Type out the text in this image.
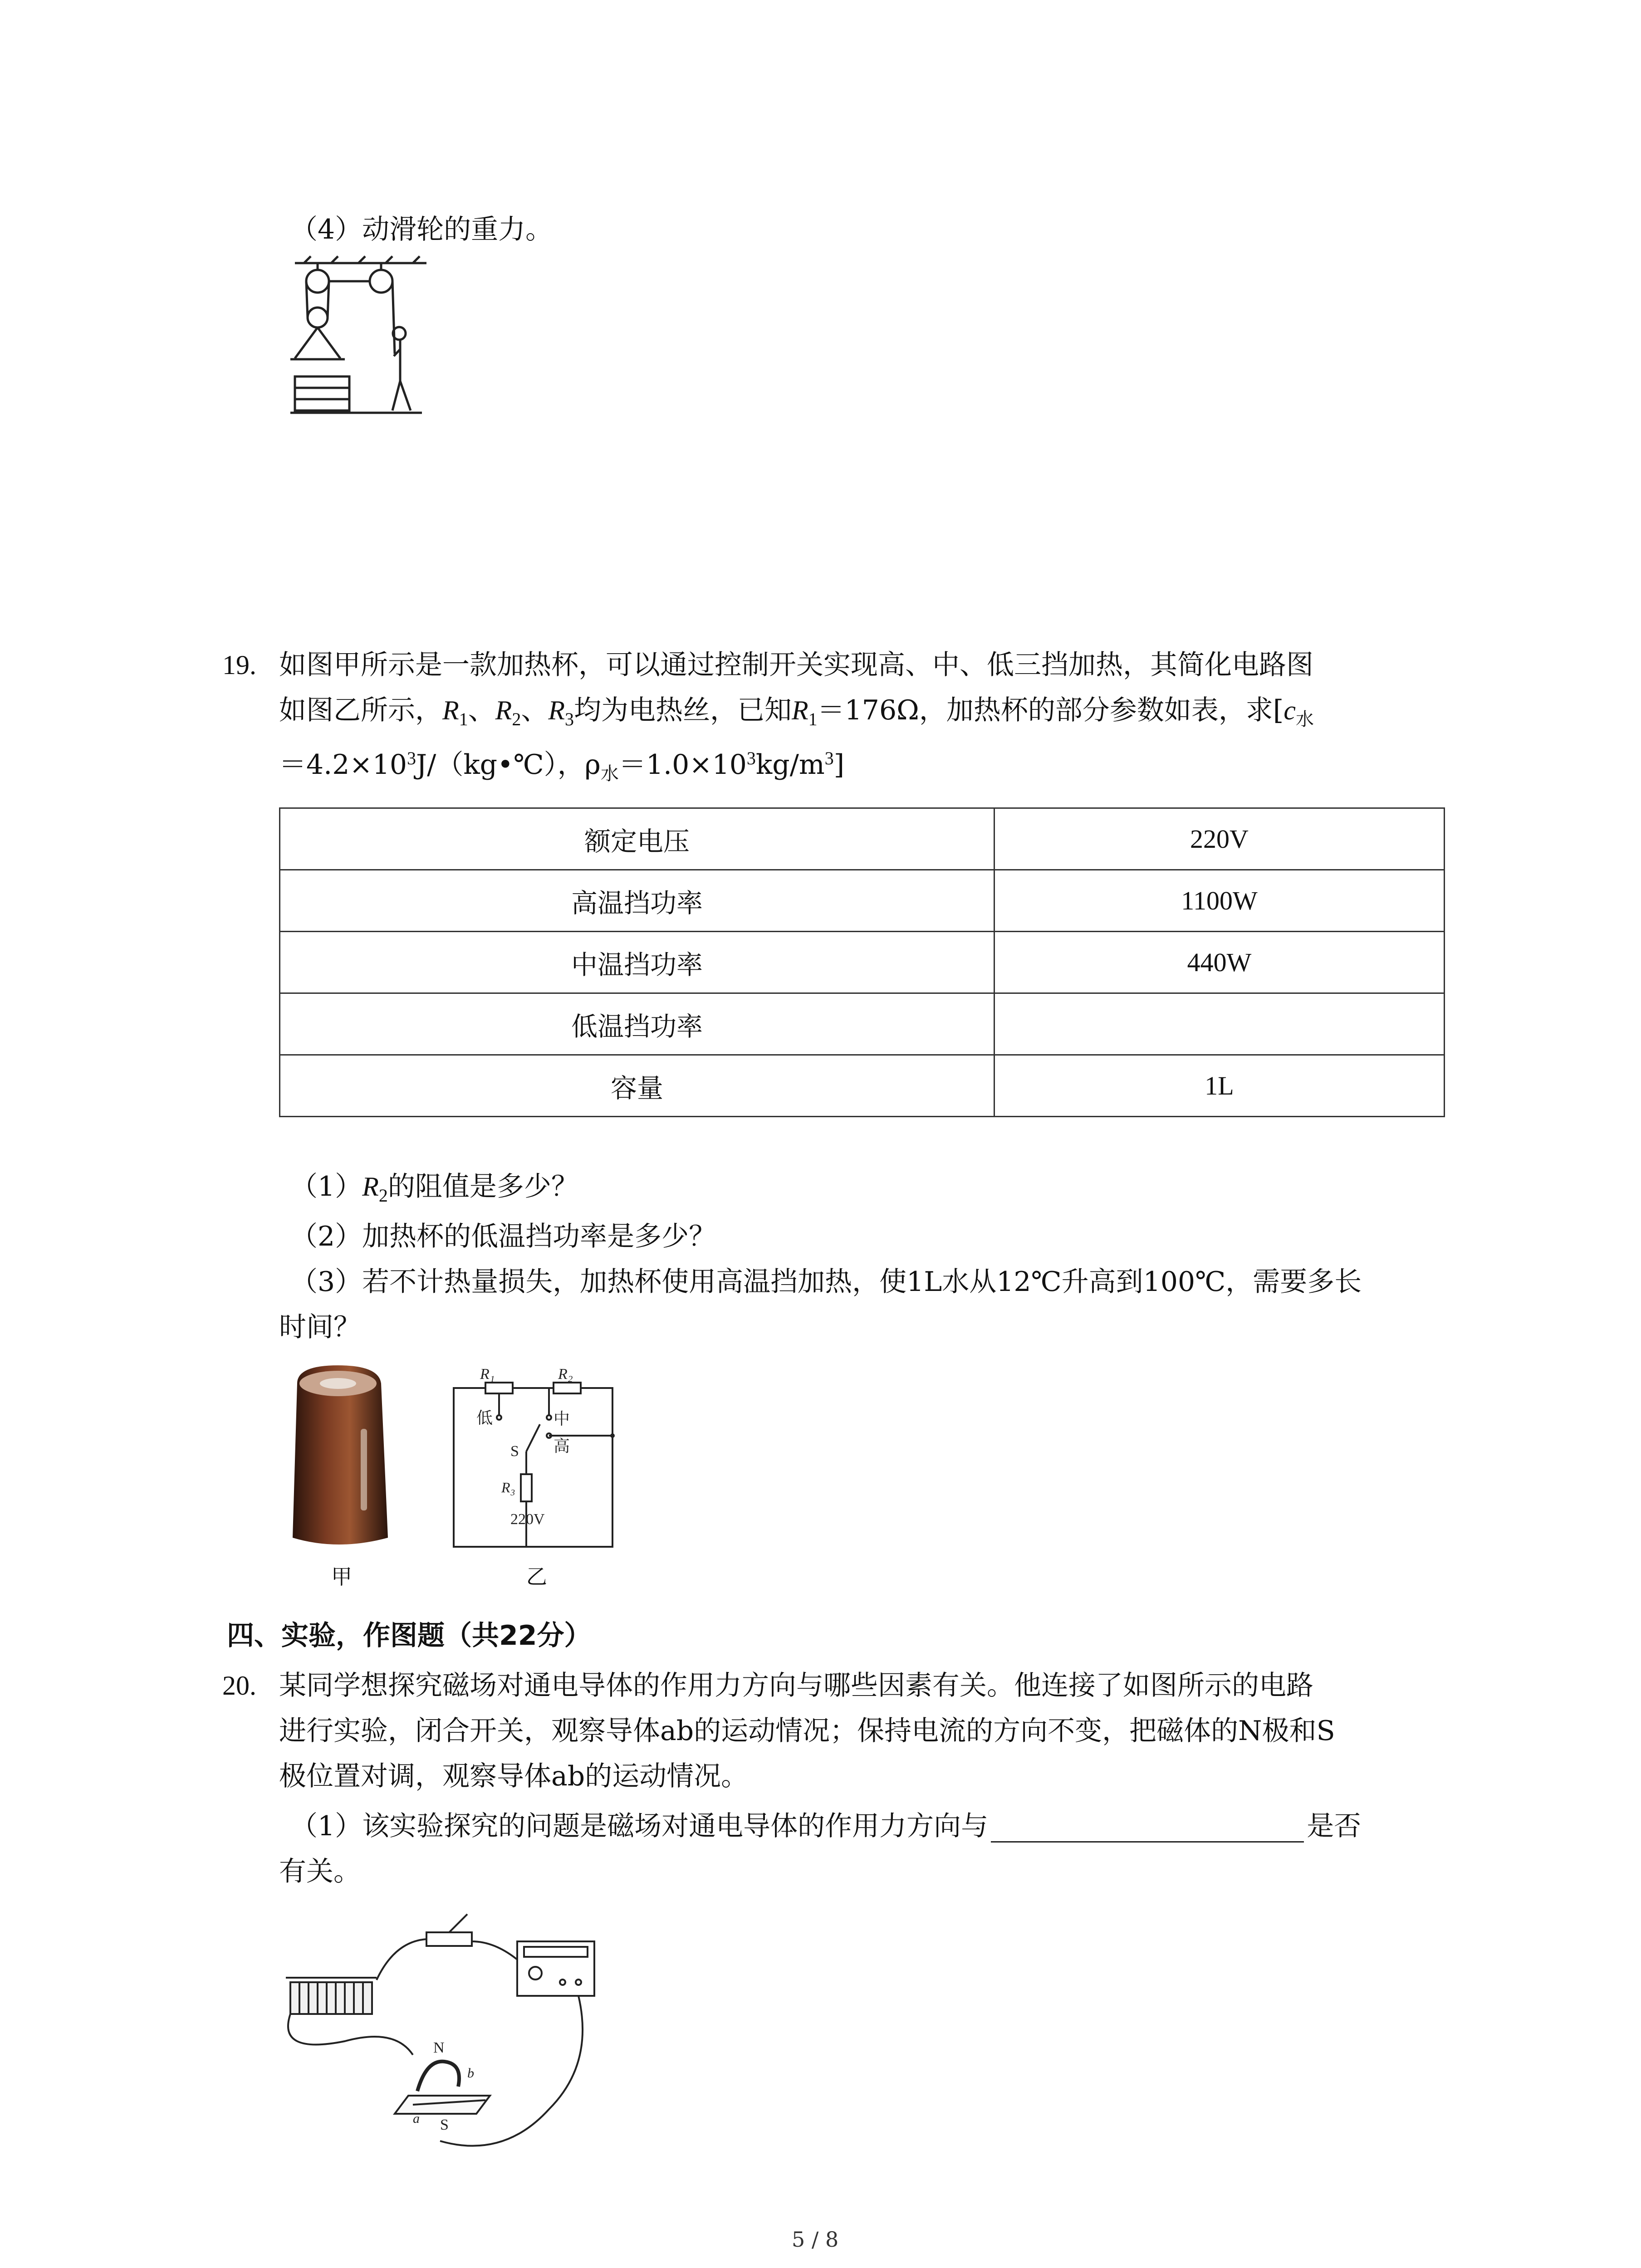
（4）动滑轮的重力。
19. 如图甲所示是一款加热杯，可以通过控制开关实现高、中、低三挡加热，其简化电路图
如图乙所示，$R_1$、$R_2$、$R_3$均为电热丝，已知$R_1=176\Omega$，加热杯的部分参数如表，求[$c_水$
$=4.2\times 10^3J/(kg•℃)$，$\rho_水=1.0\times 10^3kg/m^3$]
额定电压	220V
高温挡功率	1100W
中温挡功率	440W
低温挡功率	
容量	1L
$(1)R_2$的阻值是多少？
（2）加热杯的低温挡功率是多少？
（3）若不计热量损失，加热杯使用高温挡加热，使1L水从12℃升高到100℃，需要多长
时间？
甲
R₁	R₂
低	中
高
S
R₃
220V
乙
四、实验，作图题（共22分）
20. 某同学想探究磁场对通电导体的作用力方向与哪些因素有关。他连接了如图所示的电路
进行实验，闭合开关，观察导体ab的运动情况；保持电流的方向不变，把磁体的N极和S
极位置对调，观察导体ab的运动情况。
（1）该实验探究的问题是磁场对通电导体的作用力方向与	是否
有关。
N
S
a
b
5 / 8
